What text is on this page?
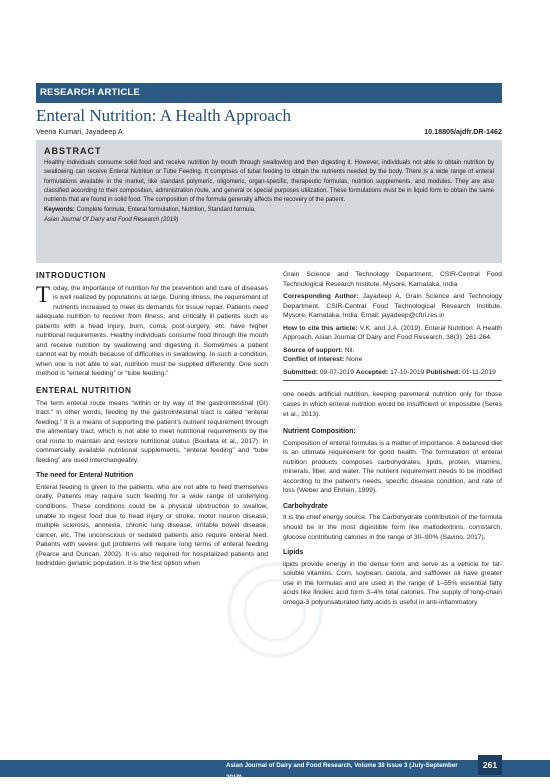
RESEARCH ARTICLE
Enteral Nutrition: A Health Approach
Veena Kumari, Jayadeep A	10.18805/ajdfr.DR-1462
ABSTRACT
Healthy individuals consume solid food and receive nutrition by mouth through swallowing and then digesting it. However, individuals not able to obtain nutrition by swallowing can receive Enteral Nutrition or Tube Feeding. It comprises of tubal feeding to obtain the nutrients needed by the body. There is a wide range of enteral formulations available in the market, like standard polymeric, oligomeric, organ-specific, therapeutic formulas, nutrition supplements, and modules. They are also classified according to their composition, administration route, and general or special purposes utilization. These formulations must be in liquid form to obtain the same nutrients that are found in solid food. The composition of the formula generally affects the recovery of the patient.
Keywords: Complete formula, Enteral formulation, Nutrition, Standard formula.
Asian Journal Of Dairy and Food Research (2019)
INTRODUCTION

Today, the importance of nutrition for the prevention and cure of diseases is well realized by populations at large. During illness, the requirement of nutrients increased to meet its demands for tissue repair. Patients need adequate nutrition to recover from illness, and critically ill patients such as patients with a head injury, burn, coma, post-surgery, etc. have higher nutritional requirements. Healthy individuals consume food through the mouth and receive nutrition by swallowing and digesting it. Sometimes a patient cannot eat by mouth because of difficulties in swallowing. In such a condition, when one is not able to eat, nutrition must be supplied differently. One such method is “enteral feeding” or “tube feeding.”

ENTERAL NUTRITION

The term enteral route means “within or by way of the gastrointestinal (GI) tract.” In other words, feeding by the gastrointestinal tract is called “enteral feeding.” It is a means of supporting the patient’s nutrient requirement through the alimentary tract, which is not able to meet nutritional requirements by the oral route to maintain and restore nutritional status (Boullata et al., 2017). In commercially available nutritional supplements, “enteral feeding” and “tube feeding” are used interchangeably.

The need for Enteral Nutrition

Enteral feeding is given to the patients, who are not able to feed themselves orally. Patients may require such feeding for a wide range of underlying conditions. These conditions could be a physical obstruction to swallow, unable to ingest food due to head injury or stroke, motor neuron disease, multiple sclerosis, anorexia, chronic lung disease, irritable bowel disease, cancer, etc. The unconscious or sedated patients also require enteral feed. Patients with severe gut problems will require long terms of enteral feeding (Pearce and Duncan, 2002). It is also required for hospitalized patients and bedridden geriatric population. It is the first option when

Grain Science and Technology Department, CSIR-Central Food Technological Research Institute, Mysore, Karnataka, India

Corresponding Author: Jayadeep A, Grain Science and Technology Department, CSIR-Central Food Technological Research Institute, Mysore, Karnataka, India. Email: jayadeep@cftri.res.in

How to cite this article: V.K. and J.A. (2019). Enteral Nutrition: A Health Approach. Asian Journal Of Dairy and Food Research, 38(3): 261-264.

Source of support: Nil.

Conflict of interest: None

Submitted: 09-07-2019 Accepted: 17-10-2019 Published: 01-11-2019

one needs artificial nutrition, keeping parenteral nutrition only for those cases in which enteral nutrition would be insufficient or impossible (Seres et al., 2013).

Nutrient Composition:

Composition of enteral formulas is a matter of importance. A balanced diet is an ultimate requirement for good health. The formulation of enteral nutrition products composes carbohydrates, lipids, protein, vitamins, minerals, fiber, and water. The nutrient requirement needs to be modified according to the patient’s needs, specific disease condition, and rate of loss (Weber and Ehrlein, 1999).

Carbohydrate

It is the chief energy source. The Carbohydrate contribution of the formula should be in the most digestible form like maltodextrins, cornstarch, glucose contributing calories in the range of 30–90% (Savino, 2017).

Lipids

lipids provide energy in the dense form and serve as a vehicle for fat-soluble vitamins. Corn, soybean, canola, and safflower oil have greater use in the formulas and are used in the range of 1–55% essential fatty acids like linoleic acid form 3–4% total calories. The supply of long-chain omega-3 polyunsaturated fatty acids is useful in anti-inflammatory

Asian Journal of Dairy and Food Research, Volume 38 Issue 3 (July-September 2019)
261
